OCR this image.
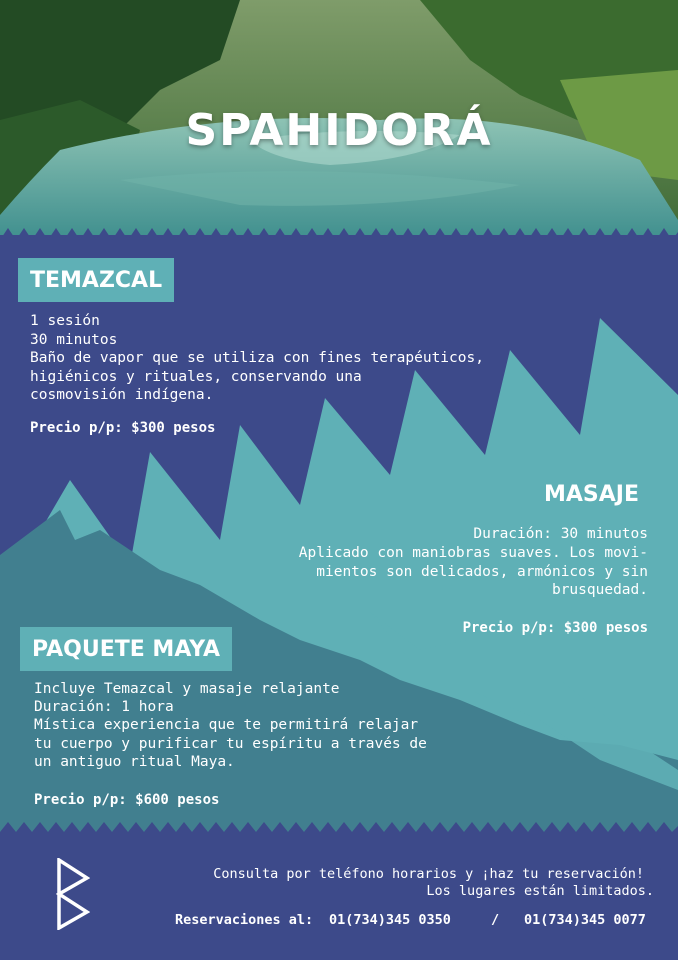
SPAHIDORÁ
TEMAZCAL
1 sesión
30 minutos
Baño de vapor que se utiliza con fines terapéuticos,
higiénicos y rituales, conservando una
cosmovisión indígena.
Precio p/p: $300 pesos
MASAJE
Duración: 30 minutos
Aplicado con maniobras suaves. Los movi-
mientos son delicados, armónicos y sin
brusquedad.
Precio p/p: $300 pesos
PAQUETE MAYA
Incluye Temazcal y masaje relajante
Duración: 1 hora
Mística experiencia que te permitirá relajar
tu cuerpo y purificar tu espíritu a través de
un antiguo ritual Maya.
Precio p/p: $600 pesos
Consulta por teléfono horarios y ¡haz tu reservación!
Los lugares están limitados.
Reservaciones al: 01(734)345 0350	/ 01(734)345 0077
